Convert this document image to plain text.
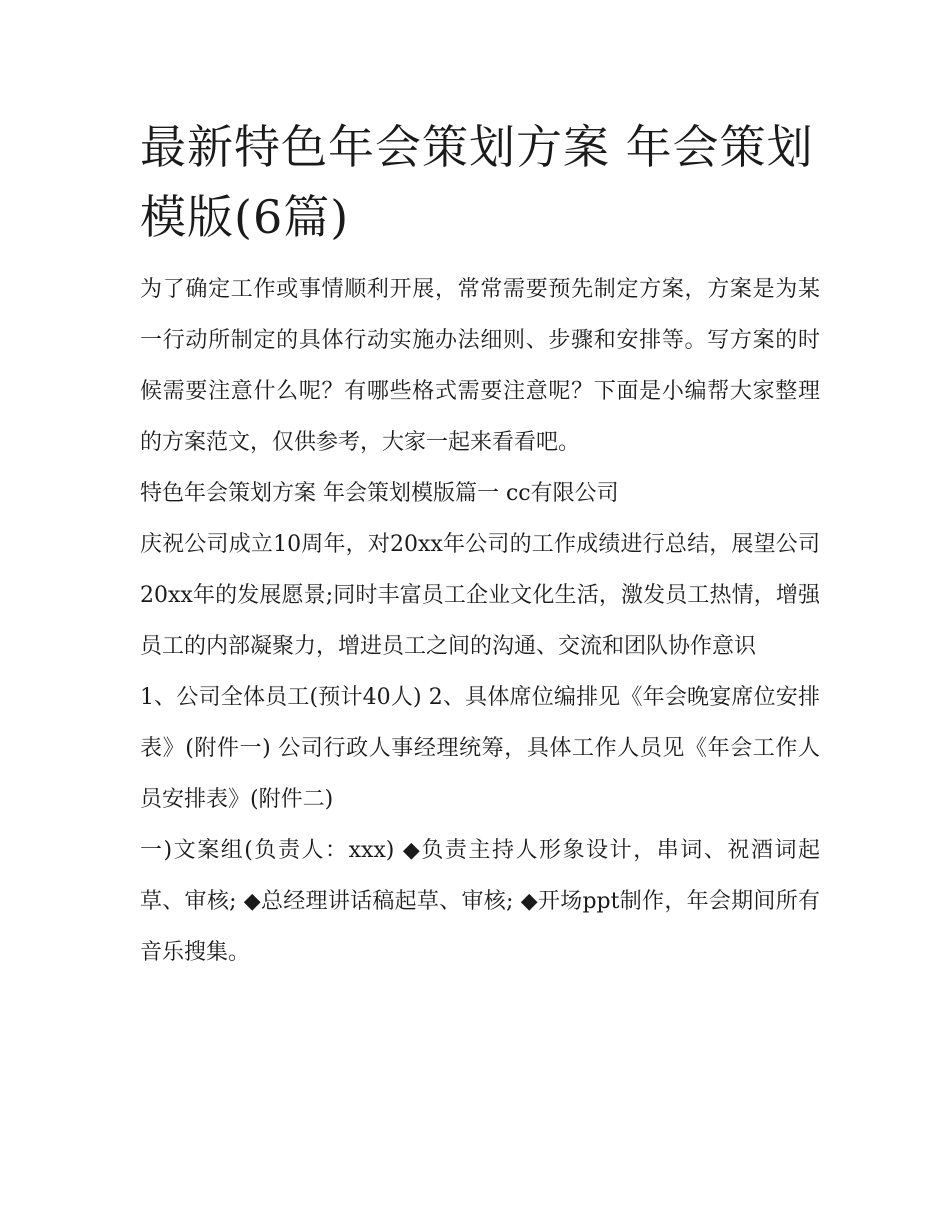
最新特色年会策划方案 年会策划模版(6篇)

为了确定工作或事情顺利开展，常常需要预先制定方案，方案是为某一行动所制定的具体行动实施办法细则、步骤和安排等。写方案的时候需要注意什么呢？有哪些格式需要注意呢？下面是小编帮大家整理的方案范文，仅供参考，大家一起来看看吧。

特色年会策划方案 年会策划模版篇一 cc有限公司

庆祝公司成立10周年，对20xx年公司的工作成绩进行总结，展望公司20xx年的发展愿景;同时丰富员工企业文化生活，激发员工热情，增强员工的内部凝聚力，增进员工之间的沟通、交流和团队协作意识

1、公司全体员工(预计40人) 2、具体席位编排见《年会晚宴席位安排表》(附件一) 公司行政人事经理统筹，具体工作人员见《年会工作人员安排表》(附件二)

一)文案组(负责人：xxx) ◆负责主持人形象设计，串词、祝酒词起草、审核; ◆总经理讲话稿起草、审核; ◆开场ppt制作，年会期间所有音乐搜集。
